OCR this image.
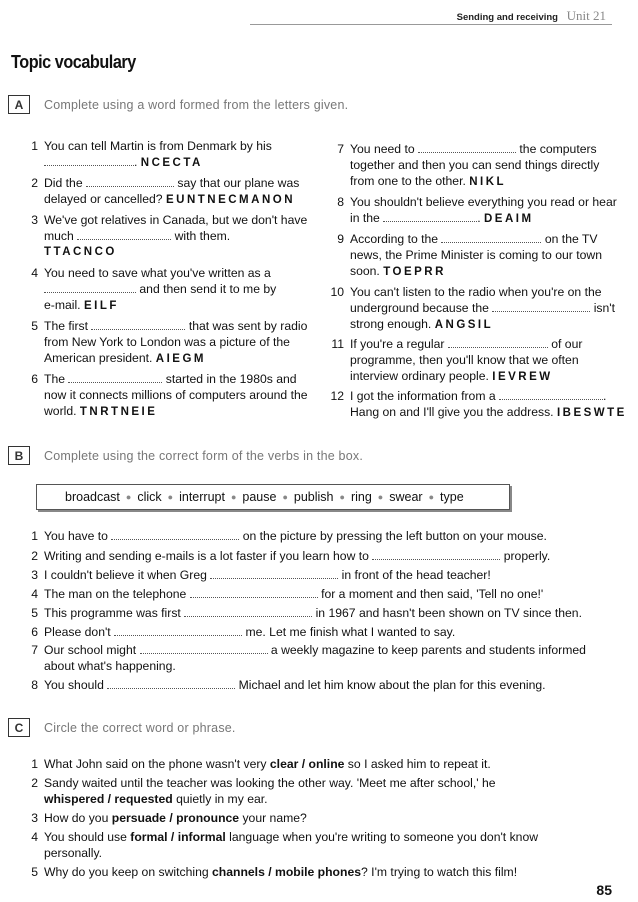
Sending and receiving Unit 21
Topic vocabulary
A	Complete using a word formed from the letters given.
1 You can tell Martin is from Denmark by his
. NCECTA
2 Did the	say that our plane was
delayed or cancelled? EUNTNECMANON
3 We've got relatives in Canada, but we don't have
much	with them.
TTACNCO
4 You need to save what you've written as a
and then send it to me by
e-mail. EILF
5 The first	that was sent by radio
from New York to London was a picture of the
American president. AIEGM
6 The	started in the 1980s and
now it connects millions of computers around the
world. TNRTNEIE
7 You need to	the computers
together and then you can send things directly
from one to the other. NIKL
8 You shouldn't believe everything you read or hear
in the	. DEAIM
9 According to the	on the TV
news, the Prime Minister is coming to our town
soon. TOEPRR
10 You can't listen to the radio when you're on the
underground because the	isn't
strong enough. ANGSIL
11 If you're a regular	of our
programme, then you'll know that we often
interview ordinary people. IEVREW
12 I got the information from a	.
Hang on and I'll give you the address. IBESWTE
B	Complete using the correct form of the verbs in the box.
broadcast ● click ● interrupt ● pause ● publish ● ring ● swear ● type
1 You have to	on the picture by pressing the left button on your mouse.
2 Writing and sending e-mails is a lot faster if you learn how to	properly.
3 I couldn't believe it when Greg	in front of the head teacher!
4 The man on the telephone	for a moment and then said, 'Tell no one!'
5 This programme was first	in 1967 and hasn't been shown on TV since then.
6 Please don't	me. Let me finish what I wanted to say.
7 Our school might	a weekly magazine to keep parents and students informed
about what's happening.
8 You should	Michael and let him know about the plan for this evening.
C	Circle the correct word or phrase.
1 What John said on the phone wasn't very clear / online so I asked him to repeat it.
2 Sandy waited until the teacher was looking the other way. 'Meet me after school,' he
whispered / requested quietly in my ear.
3 How do you persuade / pronounce your name?
4 You should use formal / informal language when you're writing to someone you don't know
personally.
5 Why do you keep on switching channels / mobile phones? I'm trying to watch this film!
85
